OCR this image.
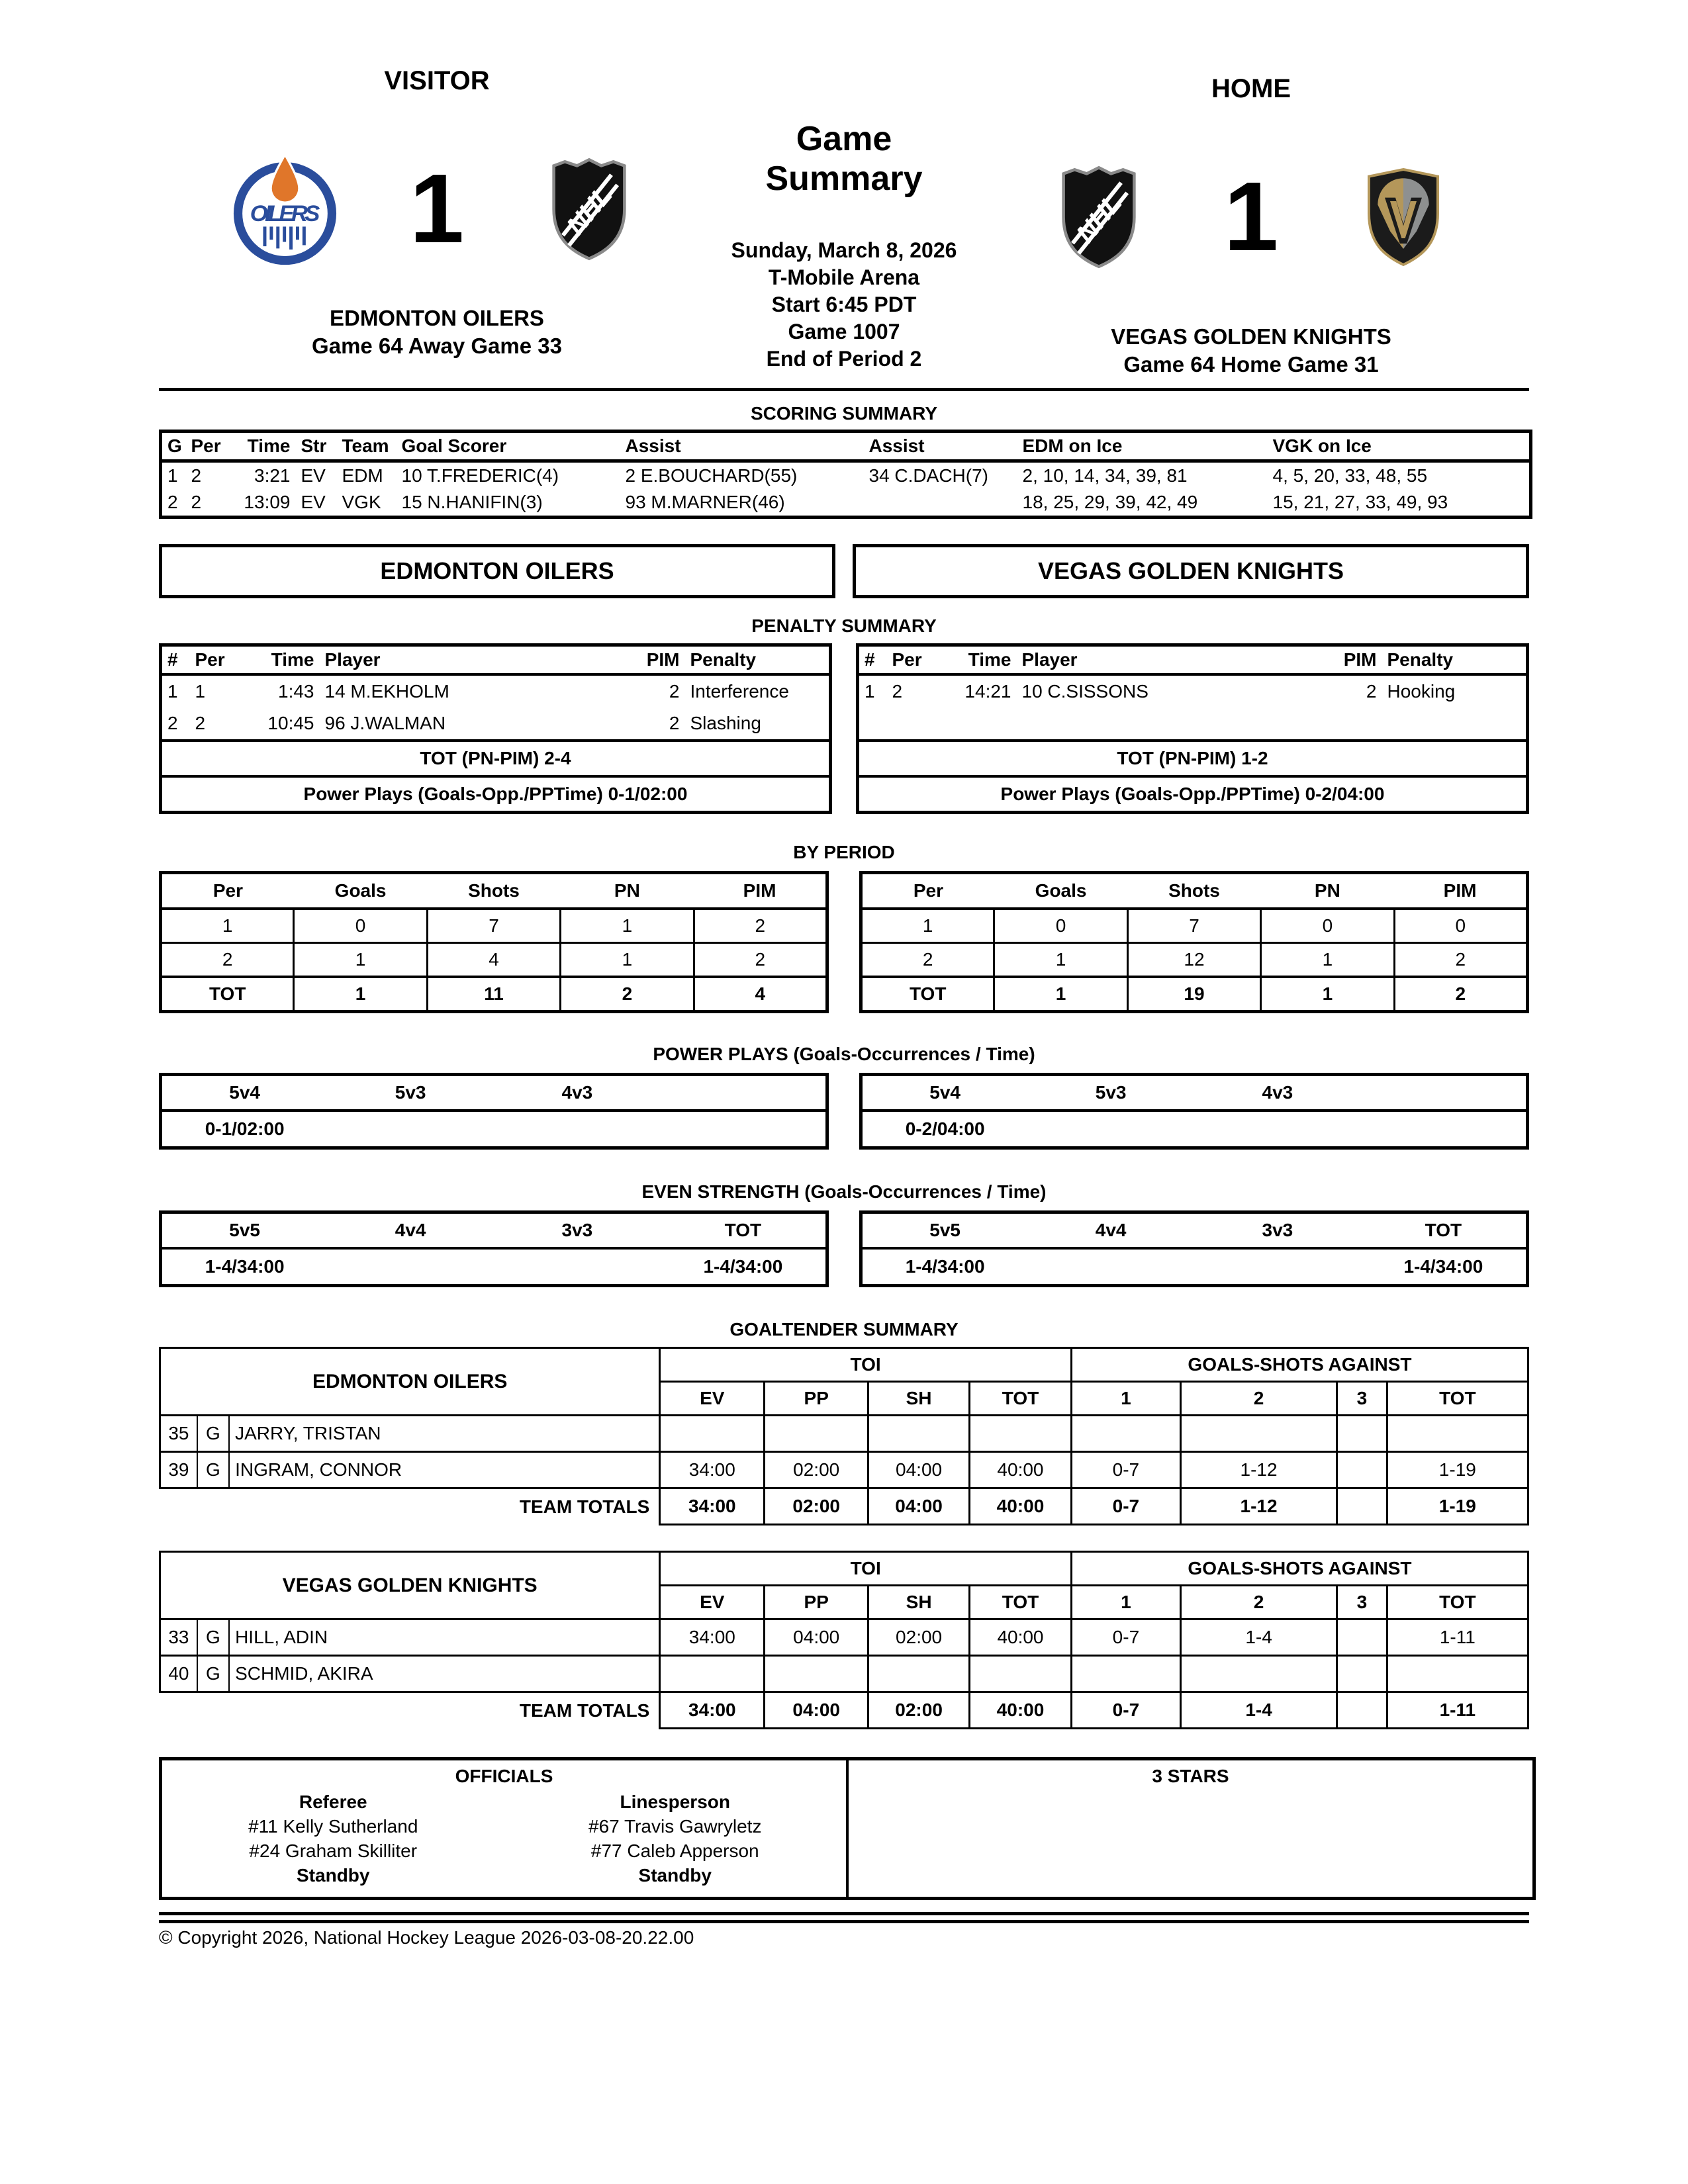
VISITOR
OILERS 1	NHL
EDMONTON OILERS
Game 64 Away Game 33
Game Summary
Sunday, March 8, 2026
T-Mobile Arena
Start 6:45 PDT
Game 1007
End of Period 2
HOME
NHL 1
VEGAS GOLDEN KNIGHTS
Game 64 Home Game 31
SCORING SUMMARY
G	Per	Time	Str	Team	Goal Scorer	Assist	Assist	EDM on Ice	VGK on Ice
1	2	3:21	EV	EDM	10 T.FREDERIC(4)	2 E.BOUCHARD(55)	34 C.DACH(7)	2, 10, 14, 34, 39, 81	4, 5, 20, 33, 48, 55
2	2	13:09	EV	VGK	15 N.HANIFIN(3)	93 M.MARNER(46)		18, 25, 29, 39, 42, 49	15, 21, 27, 33, 49, 93
EDMONTON OILERS	VEGAS GOLDEN KNIGHTS
PENALTY SUMMARY
#	Per	Time	Player	PIM	Penalty
1	1	1:43	14 M.EKHOLM	2	Interference
2	2	10:45	96 J.WALMAN	2	Slashing
TOT (PN-PIM) 2-4					
Power Plays (Goals-Opp./PPTime) 0-1/02:00					
#	Per	Time	Player	PIM	Penalty
1	2	14:21	10 C.SISSONS	2	Hooking

TOT (PN-PIM) 1-2					
Power Plays (Goals-Opp./PPTime) 0-2/04:00					
BY PERIOD
Per	Goals	Shots	PN	PIM
1	0	7	1	2
2	1	4	1	2
TOT	1	11	2	4
Per	Goals	Shots	PN	PIM
1	0	7	0	0
2	1	12	1	2
TOT	1	19	1	2
POWER PLAYS (Goals-Occurrences / Time)
5v4	5v3	4v3	
0-1/02:00			
5v4	5v3	4v3	
0-2/04:00			
EVEN STRENGTH (Goals-Occurrences / Time)
5v5	4v4	3v3	TOT
1-4/34:00			1-4/34:00
5v5	4v4	3v3	TOT
1-4/34:00			1-4/34:00
GOALTENDER SUMMARY
EDMONTON OILERS			TOI				GOALS-SHOTS AGAINST			
			EV	PP	SH	TOT	1	2	3	TOT
35	G	JARRY, TRISTAN								
39	G	INGRAM, CONNOR	34:00	02:00	04:00	40:00	0-7	1-12		1-19
TEAM TOTALS			34:00	02:00	04:00	40:00	0-7	1-12		1-19
VEGAS GOLDEN KNIGHTS			TOI				GOALS-SHOTS AGAINST			
			EV	PP	SH	TOT	1	2	3	TOT
33	G	HILL, ADIN	34:00	04:00	02:00	40:00	0-7	1-4		1-11
40	G	SCHMID, AKIRA								
TEAM TOTALS			34:00	04:00	02:00	40:00	0-7	1-4		1-11
OFFICIALS
Referee
#11 Kelly Sutherland
#24 Graham Skilliter
Standby
Linesperson
#67 Travis Gawryletz
#77 Caleb Apperson
Standby
3 STARS
© Copyright 2026, National Hockey League 2026-03-08-20.22.00
